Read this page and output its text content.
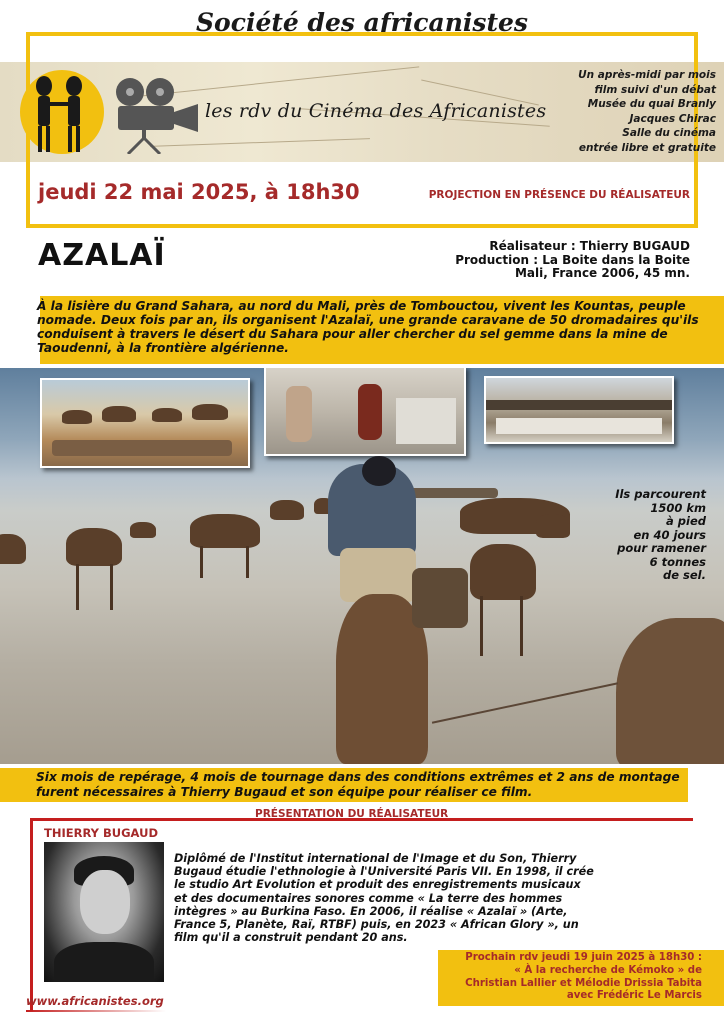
Société des africanistes
les rdv du Cinéma des Africanistes
Un après-midi par mois
film suivi d'un débat
Musée du quai Branly
Jacques Chirac
Salle du cinéma
entrée libre et gratuite
jeudi 22 mai 2025, à 18h30	PROJECTION EN PRÉSENCE DU RÉALISATEUR
AZALAÏ	Réalisateur : Thierry BUGAUD
Production : La Boite dans la Boite
Mali, France 2006, 45 mn.
À la lisière du Grand Sahara, au nord du Mali, près de Tombouctou, vivent les Kountas, peuple nomade. Deux fois par an, ils organisent l'Azalaï, une grande caravane de 50 dromadaires qu'ils conduisent à travers le désert du Sahara pour aller chercher du sel gemme dans la mine de Taoudenni, à la frontière algérienne.
Ils parcourent
1500 km
à pied
en 40 jours
pour ramener
6 tonnes
de sel.
Six mois de repérage, 4 mois de tournage dans des conditions extrêmes et 2 ans de montage furent nécessaires à Thierry Bugaud et son équipe pour réaliser ce film.
PRÉSENTATION DU RÉALISATEUR
THIERRY BUGAUD
Diplômé de l'Institut international de l'Image et du Son, Thierry Bugaud étudie l'ethnologie à l'Université Paris VII. En 1998, il crée le studio Art Evolution et produit des enregistrements musicaux et des documentaires sonores comme « La terre des hommes intègres » au Burkina Faso. En 2006, il réalise « Azalaï » (Arte, France 5, Planète, Raï, RTBF) puis, en 2023 « African Glory », un film qu'il a construit pendant 20 ans.
Prochain rdv jeudi 19 juin 2025 à 18h30 :
« À la recherche de Kémoko » de
Christian Lallier et Mélodie Drissia Tabita
avec Frédéric Le Marcis
www.africanistes.org
